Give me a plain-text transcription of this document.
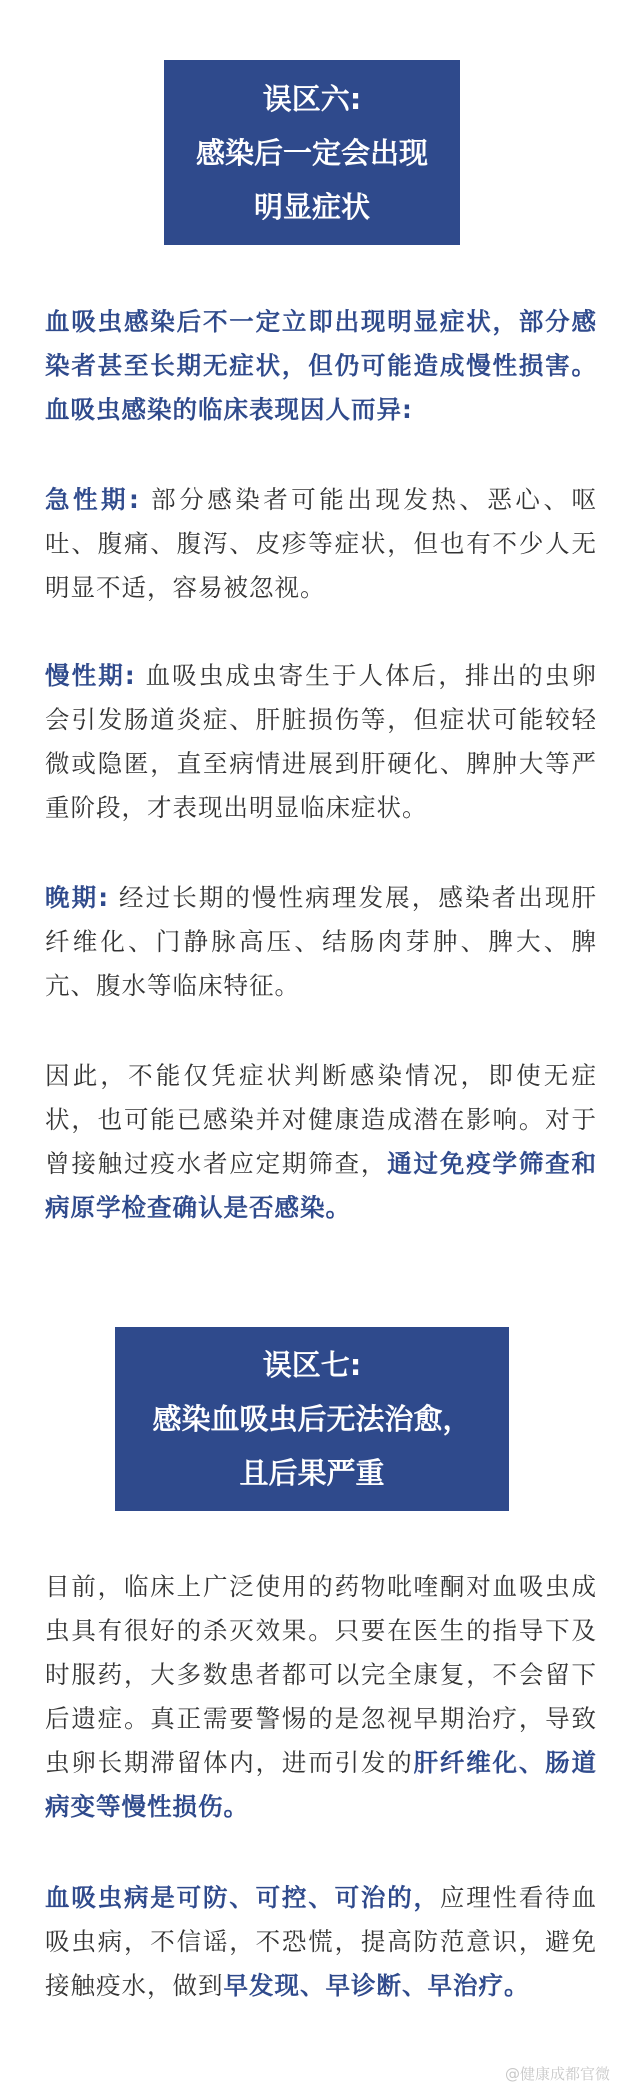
误区六:
感染后一定会出现
明显症状

血吸虫感染后不一定立即出现明显症状，部分感染者甚至长期无症状，但仍可能造成慢性损害。血吸虫感染的临床表现因人而异:

急性期: 部分感染者可能出现发热、恶心、呕吐、腹痛、腹泻、皮疹等症状，但也有不少人无明显不适，容易被忽视。

慢性期: 血吸虫成虫寄生于人体后，排出的虫卵会引发肠道炎症、肝脏损伤等，但症状可能较轻微或隐匿，直至病情进展到肝硬化、脾肿大等严重阶段，才表现出明显临床症状。

晚期: 经过长期的慢性病理发展，感染者出现肝纤维化、门静脉高压、结肠肉芽肿、脾大、脾亢、腹水等临床特征。

因此，不能仅凭症状判断感染情况，即使无症状，也可能已感染并对健康造成潜在影响。对于曾接触过疫水者应定期筛查，通过免疫学筛查和病原学检查确认是否感染。

误区七:
感染血吸虫后无法治愈，
且后果严重

目前，临床上广泛使用的药物吡喹酮对血吸虫成虫具有很好的杀灭效果。只要在医生的指导下及时服药，大多数患者都可以完全康复，不会留下后遗症。真正需要警惕的是忽视早期治疗，导致虫卵长期滞留体内，进而引发的肝纤维化、肠道病变等慢性损伤。

血吸虫病是可防、可控、可治的，应理性看待血吸虫病，不信谣，不恐慌，提高防范意识，避免接触疫水，做到早发现、早诊断、早治疗。

@健康成都官微
